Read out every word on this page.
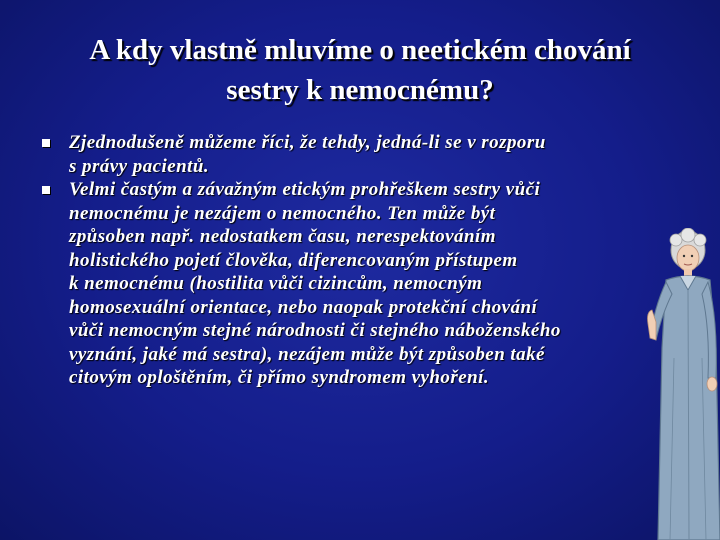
A kdy vlastně mluvíme o neetickém chování
sestry k nemocnému?
Zjednodušeně můžeme říci, že tehdy, jedná-li se v rozporu
s právy pacientů.
Velmi častým a závažným etickým prohřeškem sestry vůči
nemocnému je nezájem o nemocného. Ten může být
způsoben např. nedostatkem času, nerespektováním
holistického pojetí člověka, diferencovaným přístupem
k nemocnému (hostilita vůči cizincům, nemocným
homosexuální orientace, nebo naopak protekční chování
vůči nemocným stejné národnosti či stejného náboženského
vyznání, jaké má sestra), nezájem může být způsoben také
citovým oploštěním, či přímo syndromem vyhoření.
